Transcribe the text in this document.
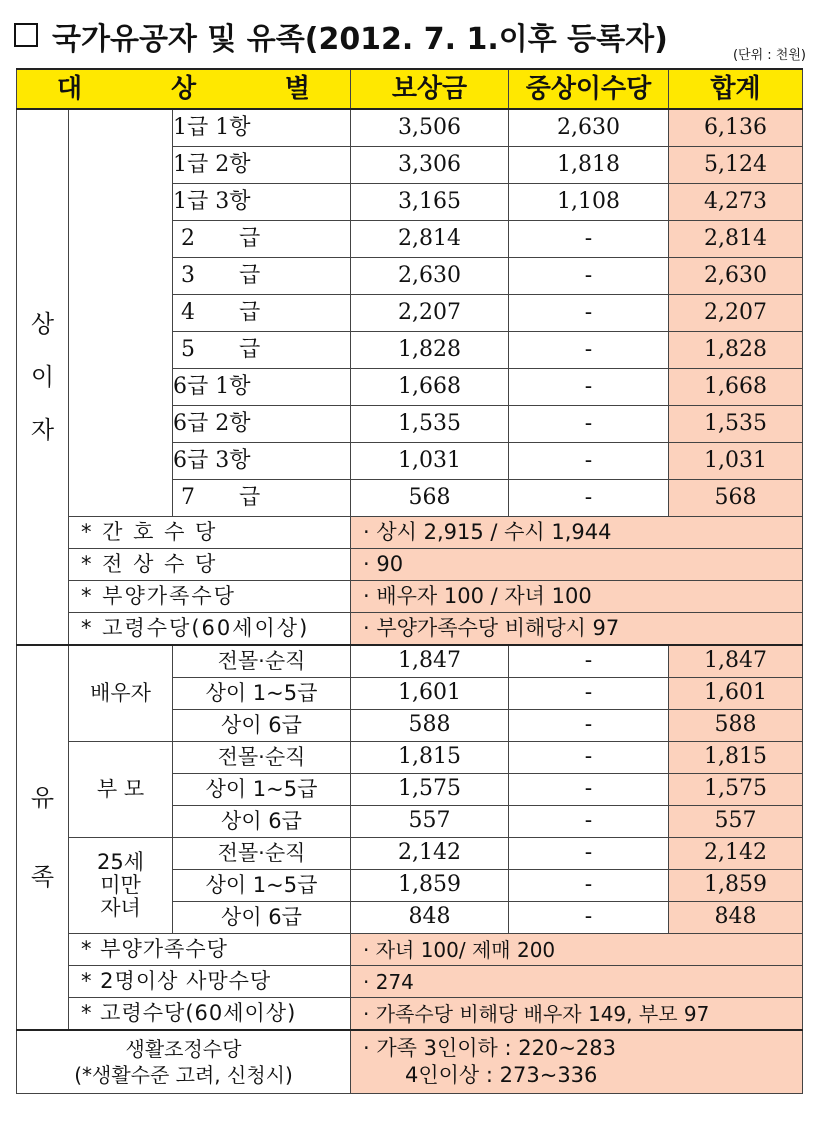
국가유공자 및 유족(2012. 7. 1.이후 등록자)	(단위 : 천원)
대 상 별			보상금	중상이수당	합계
상

이

자		1급 1항	3,506	2,630	6,136
		1급 2항	3,306	1,818	5,124
		1급 3항	3,165	1,108	4,273
		2　　급	2,814	-	2,814
		3　　급	2,630	-	2,630
		4　　급	2,207	-	2,207
		5　　급	1,828	-	1,828
		6급 1항	1,668	-	1,668
		6급 2항	1,535	-	1,535
		6급 3항	1,031	-	1,031
		7　　급	568	-	568
	* 간 호 수 당		· 상시 2,915 / 수시 1,944		
	* 전 상 수 당		· 90		
	* 부양가족수당		· 배우자 100 / 자녀 100		
	* 고령수당(60세이상)		· 부양가족수당 비해당시 97		
유

족	배우자	전몰·순직	1,847	-	1,847
		상이 1~5급	1,601	-	1,601
		상이 6급	588	-	588
	부 모	전몰·순직	1,815	-	1,815
		상이 1~5급	1,575	-	1,575
		상이 6급	557	-	557
	25세
미만
자녀	전몰·순직	2,142	-	2,142
		상이 1~5급	1,859	-	1,859
		상이 6급	848	-	848
	* 부양가족수당		· 자녀 100/ 제매 200		
	* 2명이상 사망수당		· 274		
	* 고령수당(60세이상)		· 가족수당 비해당 배우자 149, 부모 97		
생활조정수당
(*생활수준 고려, 신청시)			· 가족 3인이하 : 220~283
　　4인이상 : 273~336		
